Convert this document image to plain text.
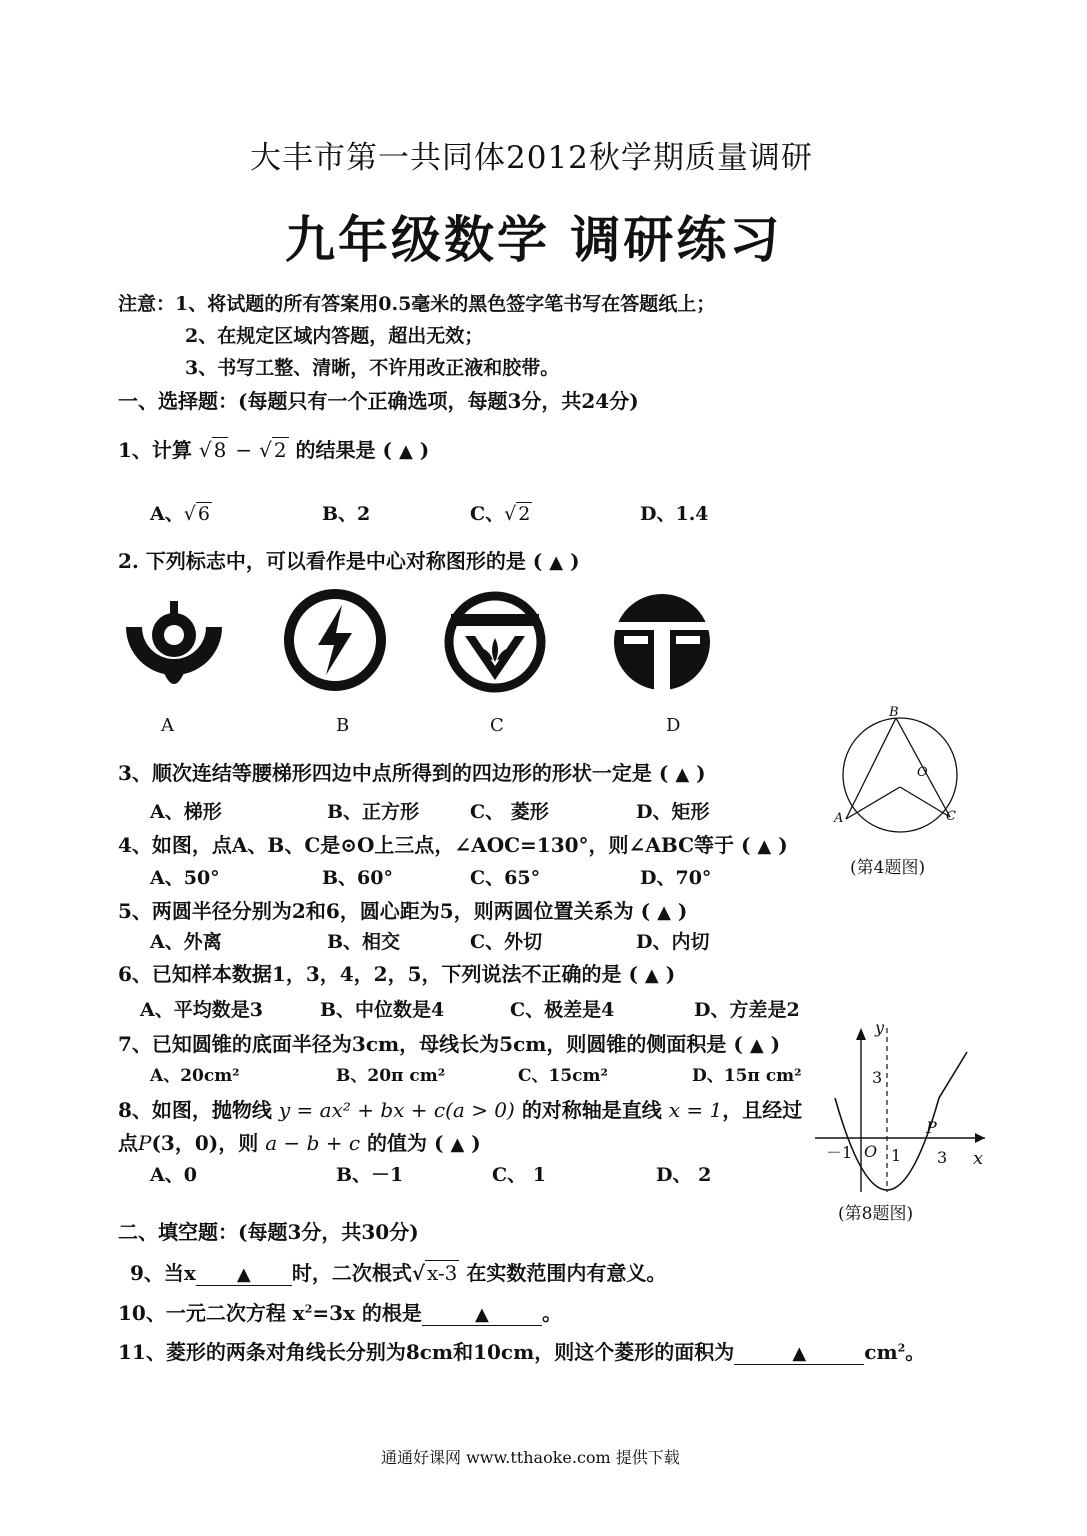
大丰市第一共同体2012秋学期质量调研
九年级数学 调研练习
注意：1、将试题的所有答案用0.5毫米的黑色签字笔书写在答题纸上；
2、在规定区域内答题，超出无效；
3、书写工整、清晰，不许用改正液和胶带。
一、选择题：(每题只有一个正确选项，每题3分，共24分)
1、计算 √ 8 − √ 2 的结果是 ( ▲ )
A、√ 6	B、2	C、√ 2	D、1.4
2. 下列标志中，可以看作是中心对称图形的是 ( ▲ )
A	B	C	D
3、顺次连结等腰梯形四边中点所得到的四边形的形状一定是 ( ▲ )
A、梯形	B、正方形	C、 菱形	D、矩形
4、如图，点A、B、C是⊙O上三点，∠AOC=130°，则∠ABC等于 ( ▲ )
A、50°	B、60°	C、65°	D、70°
B
A	C
O
(第4题图)
5、两圆半径分别为2和6，圆心距为5，则两圆位置关系为 ( ▲ )
A、外离	B、相交	C、外切	D、内切
6、已知样本数据1，3，4，2，5，下列说法不正确的是 ( ▲ )
A、平均数是3	B、中位数是4	C、极差是4	D、方差是2
7、已知圆锥的底面半径为3cm，母线长为5cm，则圆锥的侧面积是 ( ▲ )
A、20cm²	B、20π cm²	C、15cm²	D、15π cm²
8、如图，抛物线 y = ax² + bx + c(a > 0) 的对称轴是直线 x = 1，且经过
点P(3，0)，则 a − b + c 的值为 ( ▲ )
A、0	B、－1	C、 1	D、 2
y
3
－1 O 1 3
P
x
(第8题图)
二、填空题：(每题3分，共30分)
9、当x ▲ 时，二次根式√ x-3 在实数范围内有意义。
10、一元二次方程 $x^2=3x$ 的根是	▲	。
11、菱形的两条对角线长分别为8cm和10cm，则这个菱形的面积为	▲	$cm^2$。
通通好课网 www.tthaoke.com 提供下载
